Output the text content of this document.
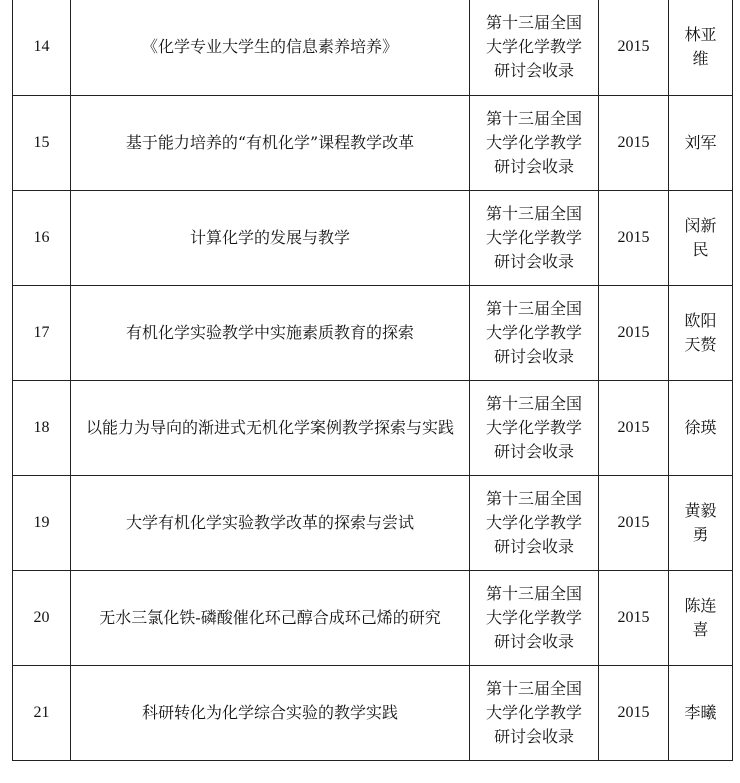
14	《化学专业大学生的信息素养培养》	第十三届全国
大学化学教学
研讨会收录	2015	林亚维
15	基于能力培养的“有机化学”课程教学改革	第十三届全国
大学化学教学
研讨会收录	2015	刘军
16	计算化学的发展与教学	第十三届全国
大学化学教学
研讨会收录	2015	闵新民
17	有机化学实验教学中实施素质教育的探索	第十三届全国
大学化学教学
研讨会收录	2015	欧阳天赘
18	以能力为导向的渐进式无机化学案例教学探索与实践	第十三届全国
大学化学教学
研讨会收录	2015	徐瑛
19	大学有机化学实验教学改革的探索与尝试	第十三届全国
大学化学教学
研讨会收录	2015	黄毅勇
20	无水三氯化铁-磷酸催化环己醇合成环己烯的研究	第十三届全国
大学化学教学
研讨会收录	2015	陈连喜
21	科研转化为化学综合实验的教学实践	第十三届全国
大学化学教学
研讨会收录	2015	李曦
